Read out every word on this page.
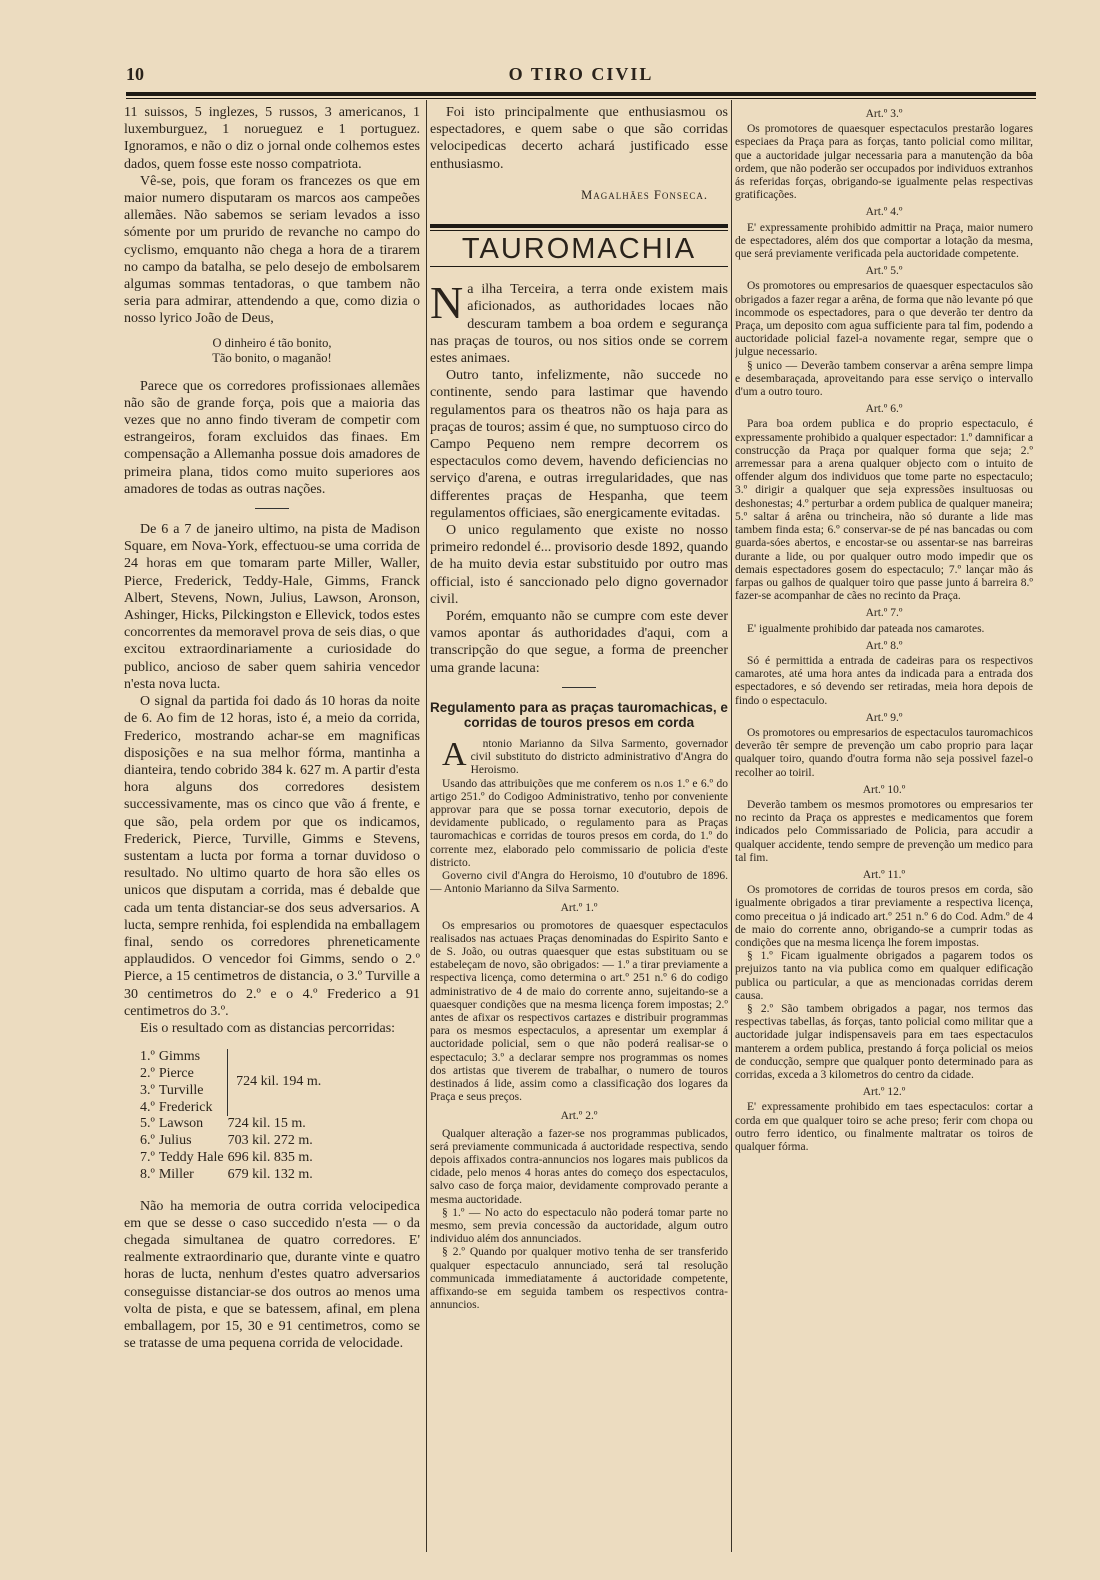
10	O TIRO CIVIL

11 suissos, 5 inglezes, 5 russos, 3 americanos, 1 luxemburguez, 1 norueguez e 1 portuguez. Ignoramos, e não o diz o jornal onde colhemos estes dados, quem fosse este nosso compatriota.

Vê-se, pois, que foram os francezes os que em maior numero disputaram os marcos aos campeões allemães. Não sabemos se seriam levados a isso sómente por um prurido de revanche no campo do cyclismo, emquanto não chega a hora de a tirarem no campo da batalha, se pelo desejo de embolsarem algumas sommas tentadoras, o que tambem não seria para admirar, attendendo a que, como dizia o nosso lyrico João de Deus,

O dinheiro é tão bonito,
Tão bonito, o maganão!

Parece que os corredores profissionaes allemães não são de grande força, pois que a maioria das vezes que no anno findo tiveram de competir com estrangeiros, foram excluidos das finaes. Em compensação a Allemanha possue dois amadores de primeira plana, tidos como muito superiores aos amadores de todas as outras nações.

De 6 a 7 de janeiro ultimo, na pista de Madison Square, em Nova-York, effectuou-se uma corrida de 24 horas em que tomaram parte Miller, Waller, Pierce, Frederick, Teddy-Hale, Gimms, Franck Albert, Stevens, Nown, Julius, Lawson, Aronson, Ashinger, Hicks, Pilckingston e Ellevick, todos estes concorrentes da memoravel prova de seis dias, o que excitou extraordinariamente a curiosidade do publico, ancioso de saber quem sahiria vencedor n'esta nova lucta.

O signal da partida foi dado ás 10 horas da noite de 6. Ao fim de 12 horas, isto é, a meio da corrida, Frederico, mostrando achar-se em magnificas disposições e na sua melhor fórma, mantinha a dianteira, tendo cobrido 384 k. 627 m. A partir d'esta hora alguns dos corredores desistem successivamente, mas os cinco que vão á frente, e que são, pela ordem por que os indicamos, Frederick, Pierce, Turville, Gimms e Stevens, sustentam a lucta por forma a tornar duvidoso o resultado. No ultimo quarto de hora são elles os unicos que disputam a corrida, mas é debalde que cada um tenta distanciar-se dos seus adversarios. A lucta, sempre renhida, foi esplendida na emballagem final, sendo os corredores phreneticamente applaudidos. O vencedor foi Gimms, sendo o 2.º Pierce, a 15 centimetros de distancia, o 3.º Turville a 30 centimetros do 2.º e o 4.º Frederico a 91 centimetros do 3.º.

Eis o resultado com as distancias percorridas:

1.º	Gimms	724 kil. 194 m.
2.º	Pierce	
3.º	Turville	
4.º	Frederick	
5.º	Lawson	724 kil. 15 m.
6.º	Julius	703 kil. 272 m.
7.º	Teddy Hale	696 kil. 835 m.
8.º	Miller	679 kil. 132 m.

Não ha memoria de outra corrida velocipedica em que se desse o caso succedido n'esta — o da chegada simultanea de quatro corredores. E' realmente extraordinario que, durante vinte e quatro horas de lucta, nenhum d'estes quatro adversarios conseguisse distanciar-se dos outros ao menos uma volta de pista, e que se batessem, afinal, em plena emballagem, por 15, 30 e 91 centimetros, como se se tratasse de uma pequena corrida de velocidade.

Foi isto principalmente que enthusiasmou os espectadores, e quem sabe o que são corridas velocipedicas decerto achará justificado esse enthusiasmo.

Magalhães Fonseca.
TAUROMACHIA

Na ilha Terceira, a terra onde existem mais aficionados, as authoridades locaes não descuram tambem a boa ordem e segurança nas praças de touros, ou nos sitios onde se correm estes animaes.

Outro tanto, infelizmente, não succede no continente, sendo para lastimar que havendo regulamentos para os theatros não os haja para as praças de touros; assim é que, no sumptuoso circo do Campo Pequeno nem rempre decorrem os espectaculos como devem, havendo deficiencias no serviço d'arena, e outras irregularidades, que nas differentes praças de Hespanha, que teem regulamentos officiaes, são energicamente evitadas.

O unico regulamento que existe no nosso primeiro redondel é... provisorio desde 1892, quando de ha muito devia estar substituido por outro mas official, isto é sanccionado pelo digno governador civil.

Porém, emquanto não se cumpre com este dever vamos apontar ás authoridades d'aqui, com a transcripção do que segue, a forma de preencher uma grande lacuna:

Regulamento para as praças tauromachicas, e corridas de touros presos em corda

A ntonio Marianno da Silva Sarmento, governador civil substituto do districto administrativo d'Angra do Heroismo.

Usando das attribuições que me conferem os n.os 1.º e 6.º do artigo 251.º do Codigoo Administrativo, tenho por conveniente approvar para que se possa tornar executorio, depois de devidamente publicado, o regulamento para as Praças tauromachicas e corridas de touros presos em corda, do 1.º do corrente mez, elaborado pelo commissario de policia d'este districto.

Governo civil d'Angra do Heroismo, 10 d'outubro de 1896. — Antonio Marianno da Silva Sarmento.

Art.º 1.º

Os empresarios ou promotores de quaesquer espectaculos realisados nas actuaes Praças denominadas do Espirito Santo e de S. João, ou outras quaesquer que estas substituam ou se estabeleçam de novo, são obrigados: — 1.º a tirar previamente a respectiva licença, como determina o art.º 251 n.º 6 do codigo administrativo de 4 de maio do corrente anno, sujeitando-se a quaesquer condições que na mesma licença forem impostas; 2.º antes de afixar os respectivos cartazes e distribuir programmas para os mesmos espectaculos, a apresentar um exemplar á auctoridade policial, sem o que não poderá realisar-se o espectaculo; 3.º a declarar sempre nos programmas os nomes dos artistas que tiverem de trabalhar, o numero de touros destinados á lide, assim como a classificação dos logares da Praça e seus preços.

Art.º 2.º

Qualquer alteração a fazer-se nos programmas publicados, será previamente communicada á auctoridade respectiva, sendo depois affixados contra-annuncios nos logares mais publicos da cidade, pelo menos 4 horas antes do começo dos espectaculos, salvo caso de força maior, devidamente comprovado perante a mesma auctoridade.

§ 1.º — No acto do espectaculo não poderá tomar parte no mesmo, sem previa concessão da auctoridade, algum outro individuo além dos annunciados.

§ 2.º Quando por qualquer motivo tenha de ser transferido qualquer espectaculo annunciado, será tal resolução communicada immediatamente á auctoridade competente, affixando-se em seguida tambem os respectivos contra-annuncios.

Art.º 3.º

Os promotores de quaesquer espectaculos prestarão logares especiaes da Praça para as forças, tanto policial como militar, que a auctoridade julgar necessaria para a manutenção da bôa ordem, que não poderão ser occupados por individuos extranhos ás referidas forças, obrigando-se igualmente pelas respectivas gratificações.

Art.º 4.º

E' expressamente prohibido admittir na Praça, maior numero de espectadores, além dos que comportar a lotação da mesma, que será previamente verificada pela auctoridade competente.

Art.º 5.º

Os promotores ou empresarios de quaesquer espectaculos são obrigados a fazer regar a arêna, de forma que não levante pó que incommode os espectadores, para o que deverão ter dentro da Praça, um deposito com agua sufficiente para tal fim, podendo a auctoridade policial fazel-a novamente regar, sempre que o julgue necessario.

§ unico — Deverão tambem conservar a arêna sempre limpa e desembaraçada, aproveitando para esse serviço o intervallo d'um a outro touro.

Art.º 6.º

Para boa ordem publica e do proprio espectaculo, é expressamente prohibido a qualquer espectador: 1.º damnificar a construcção da Praça por qualquer forma que seja; 2.º arremessar para a arena qualquer objecto com o intuito de offender algum dos individuos que tome parte no espectaculo; 3.º dirigir a qualquer que seja expressões insultuosas ou deshonestas; 4.º perturbar a ordem publica de qualquer maneira; 5.º saltar á arêna ou trincheira, não só durante a lide mas tambem finda esta; 6.º conservar-se de pé nas bancadas ou com guarda-sóes abertos, e encostar-se ou assentar-se nas barreiras durante a lide, ou por qualquer outro modo impedir que os demais espectadores gosem do espectaculo; 7.º lançar mão ás farpas ou galhos de qualquer toiro que passe junto á barreira 8.º fazer-se acompanhar de cães no recinto da Praça.

Art.º 7.º

E' igualmente prohibido dar pateada nos camarotes.

Art.º 8.º

Só é permittida a entrada de cadeiras para os respectivos camarotes, até uma hora antes da indicada para a entrada dos espectadores, e só devendo ser retiradas, meia hora depois de findo o espectaculo.

Art.º 9.º

Os promotores ou empresarios de espectaculos tauromachicos deverão têr sempre de prevenção um cabo proprio para laçar qualquer toiro, quando d'outra forma não seja possivel fazel-o recolher ao toiril.

Art.º 10.º

Deverão tambem os mesmos promotores ou empresarios ter no recinto da Praça os apprestes e medicamentos que forem indicados pelo Commissariado de Policia, para accudir a qualquer accidente, tendo sempre de prevenção um medico para tal fim.

Art.º 11.º

Os promotores de corridas de touros presos em corda, são igualmente obrigados a tirar previamente a respectiva licença, como preceitua o já indicado art.º 251 n.º 6 do Cod. Adm.º de 4 de maio do corrente anno, obrigando-se a cumprir todas as condições que na mesma licença lhe forem impostas.

§ 1.º Ficam igualmente obrigados a pagarem todos os prejuizos tanto na via publica como em qualquer edificação publica ou particular, a que as mencionadas corridas derem causa.

§ 2.º São tambem obrigados a pagar, nos termos das respectivas tabellas, ás forças, tanto policial como militar que a auctoridade julgar indispensaveis para em taes espectaculos manterem a ordem publica, prestando á força policial os meios de conducção, sempre que qualquer ponto determinado para as corridas, exceda a 3 kilometros do centro da cidade.

Art.º 12.º

E' expressamente prohibido em taes espectaculos: cortar a corda em que qualquer toiro se ache preso; ferir com chopa ou outro ferro identico, ou finalmente maltratar os toiros de qualquer fórma.
